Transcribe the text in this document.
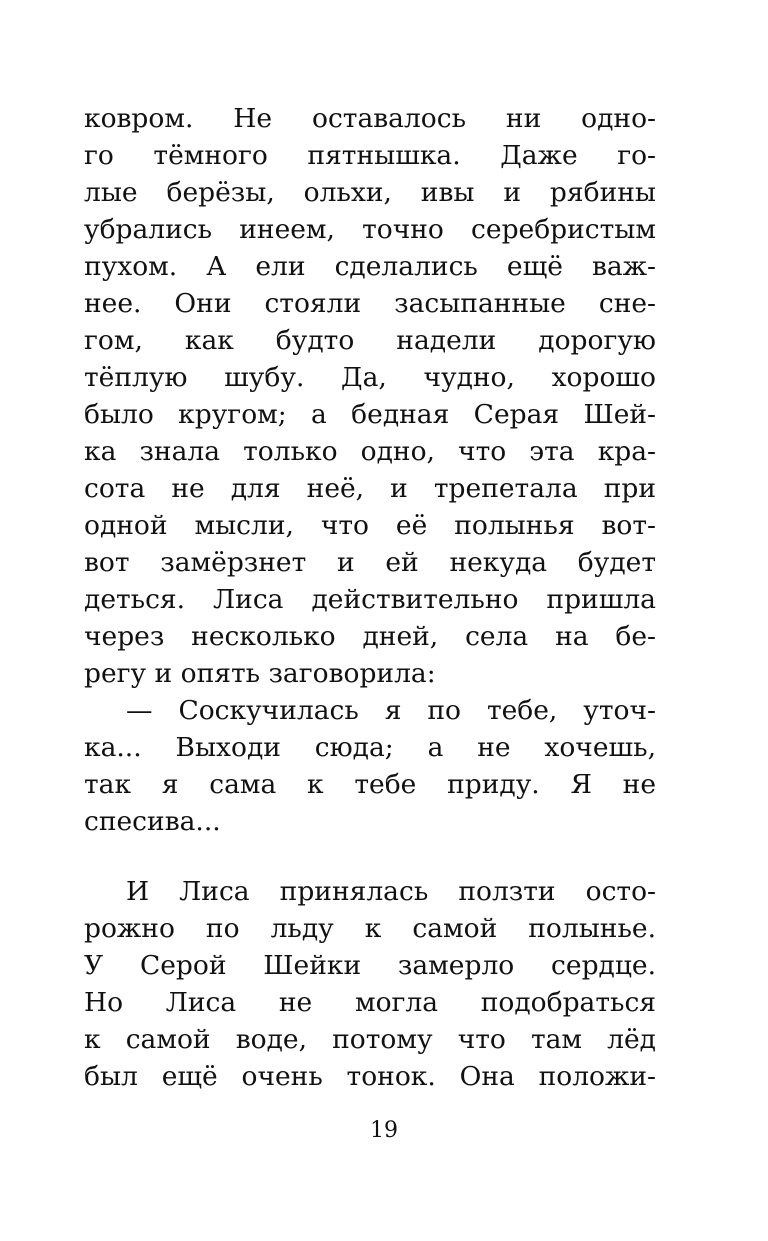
ковром. Не оставалось ни одно-
го тёмного пятнышка. Даже го-
лые берёзы, ольхи, ивы и рябины
убрались инеем, точно серебристым
пухом. А ели сделались ещё важ-
нее. Они стояли засыпанные сне-
гом, как будто надели дорогую
тёплую шубу. Да, чудно, хорошо
было кругом; а бедная Серая Шей-
ка знала только одно, что эта кра-
сота не для неё, и трепетала при
одной мысли, что её полынья вот-
вот замёрзнет и ей некуда будет
деться. Лиса действительно пришла
через несколько дней, села на бе-
регу и опять заговорила:
— Соскучилась я по тебе, уточ-
ка... Выходи сюда; а не хочешь,
так я сама к тебе приду. Я не
спесива...
И Лиса принялась ползти осто-
рожно по льду к самой полынье.
У Серой Шейки замерло сердце.
Но Лиса не могла подобраться
к самой воде, потому что там лёд
был ещё очень тонок. Она положи-
19
